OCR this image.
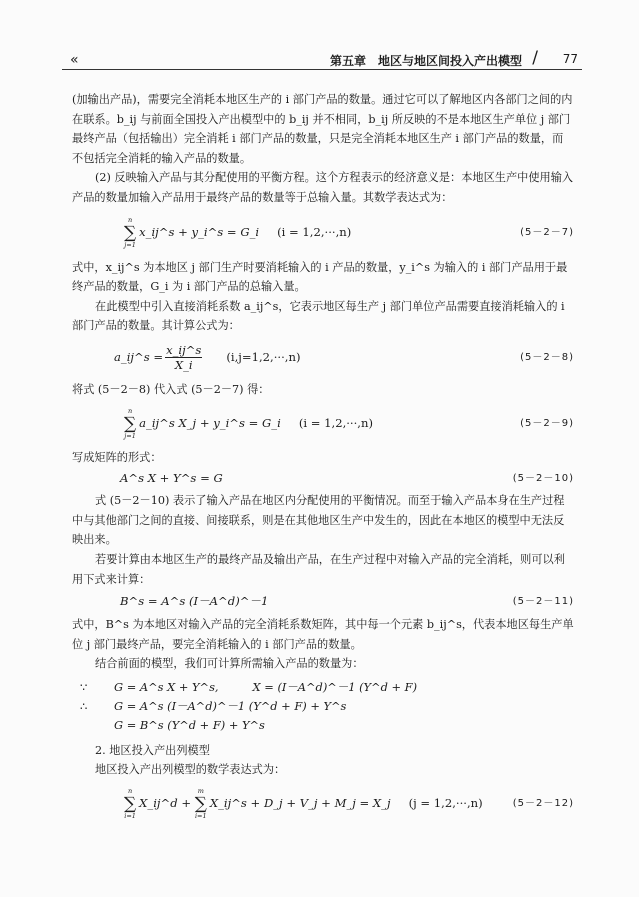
«	第五章　地区与地区间投入产出模型 / 77

(加输出产品)，需要完全消耗本地区生产的 i 部门产品的数量。通过它可以了解地区内各部门之间的内在联系。b_ij 与前面全国投入产出模型中的 b_ij 并不相同，b_ij 所反映的不是本地区生产单位 j 部门最终产品（包括输出）完全消耗 i 部门产品的数量，只是完全消耗本地区生产 i 部门产品的数量，而不包括完全消耗的输入产品的数量。

(2) 反映输入产品与其分配使用的平衡方程。这个方程表示的经济意义是：本地区生产中使用输入产品的数量加输入产品用于最终产品的数量等于总输入量。其数学表达式为：

n
∑
j=1
x_ij^s + y_i^s = G_i (i = 1,2,···,n)	(5－2－7)

式中，x_ij^s 为本地区 j 部门生产时要消耗输入的 i 产品的数量，y_i^s 为输入的 i 部门产品用于最终产品的数量，G_i 为 i 部门产品的总输入量。

在此模型中引入直接消耗系数 a_ij^s，它表示地区每生产 j 部门单位产品需要直接消耗输入的 i 部门产品的数量。其计算公式为：

a_ij^s = $\frac{x\_ij\^{}s}{X\_i} (i,j=1,2,\cdot\cdot\cdot,n)$	(5－2－8)

将式 (5－2－8) 代入式 (5－2－7) 得：

n
∑
j=1
a_ij^s X_j + y_i^s = G_i (i = 1,2,···,n)	(5－2－9)

写成矩阵的形式：

A^s X + Y^s = G	(5－2－10)

式 (5－2－10) 表示了输入产品在地区内分配使用的平衡情况。而至于输入产品本身在生产过程中与其他部门之间的直接、间接联系，则是在其他地区生产中发生的，因此在本地区的模型中无法反映出来。

若要计算由本地区生产的最终产品及输出产品，在生产过程中对输入产品的完全消耗，则可以利用下式来计算：

B^s = A^s (I－A^d)^－1	(5－2－11)

式中，B^s 为本地区对输入产品的完全消耗系数矩阵，其中每一个元素 b_ij^s，代表本地区每生产单位 j 部门最终产品，要完全消耗输入的 i 部门产品的数量。

结合前面的模型，我们可计算所需输入产品的数量为：

∵	G = A^s X + Y^s,	X = (I－A^d)^－1 (Y^d + F)
∴	G = A^s (I－A^d)^－1 (Y^d + F) + Y^s
G = B^s (Y^d + F) + Y^s

2. 地区投入产出列模型

地区投入产出列模型的数学表达式为：

n
∑
i=1
X_ij^d +
m
∑
i=1
X_ij^s + D_j + V_j + M_j = X_j (j = 1,2,···,n)	(5－2－12)
